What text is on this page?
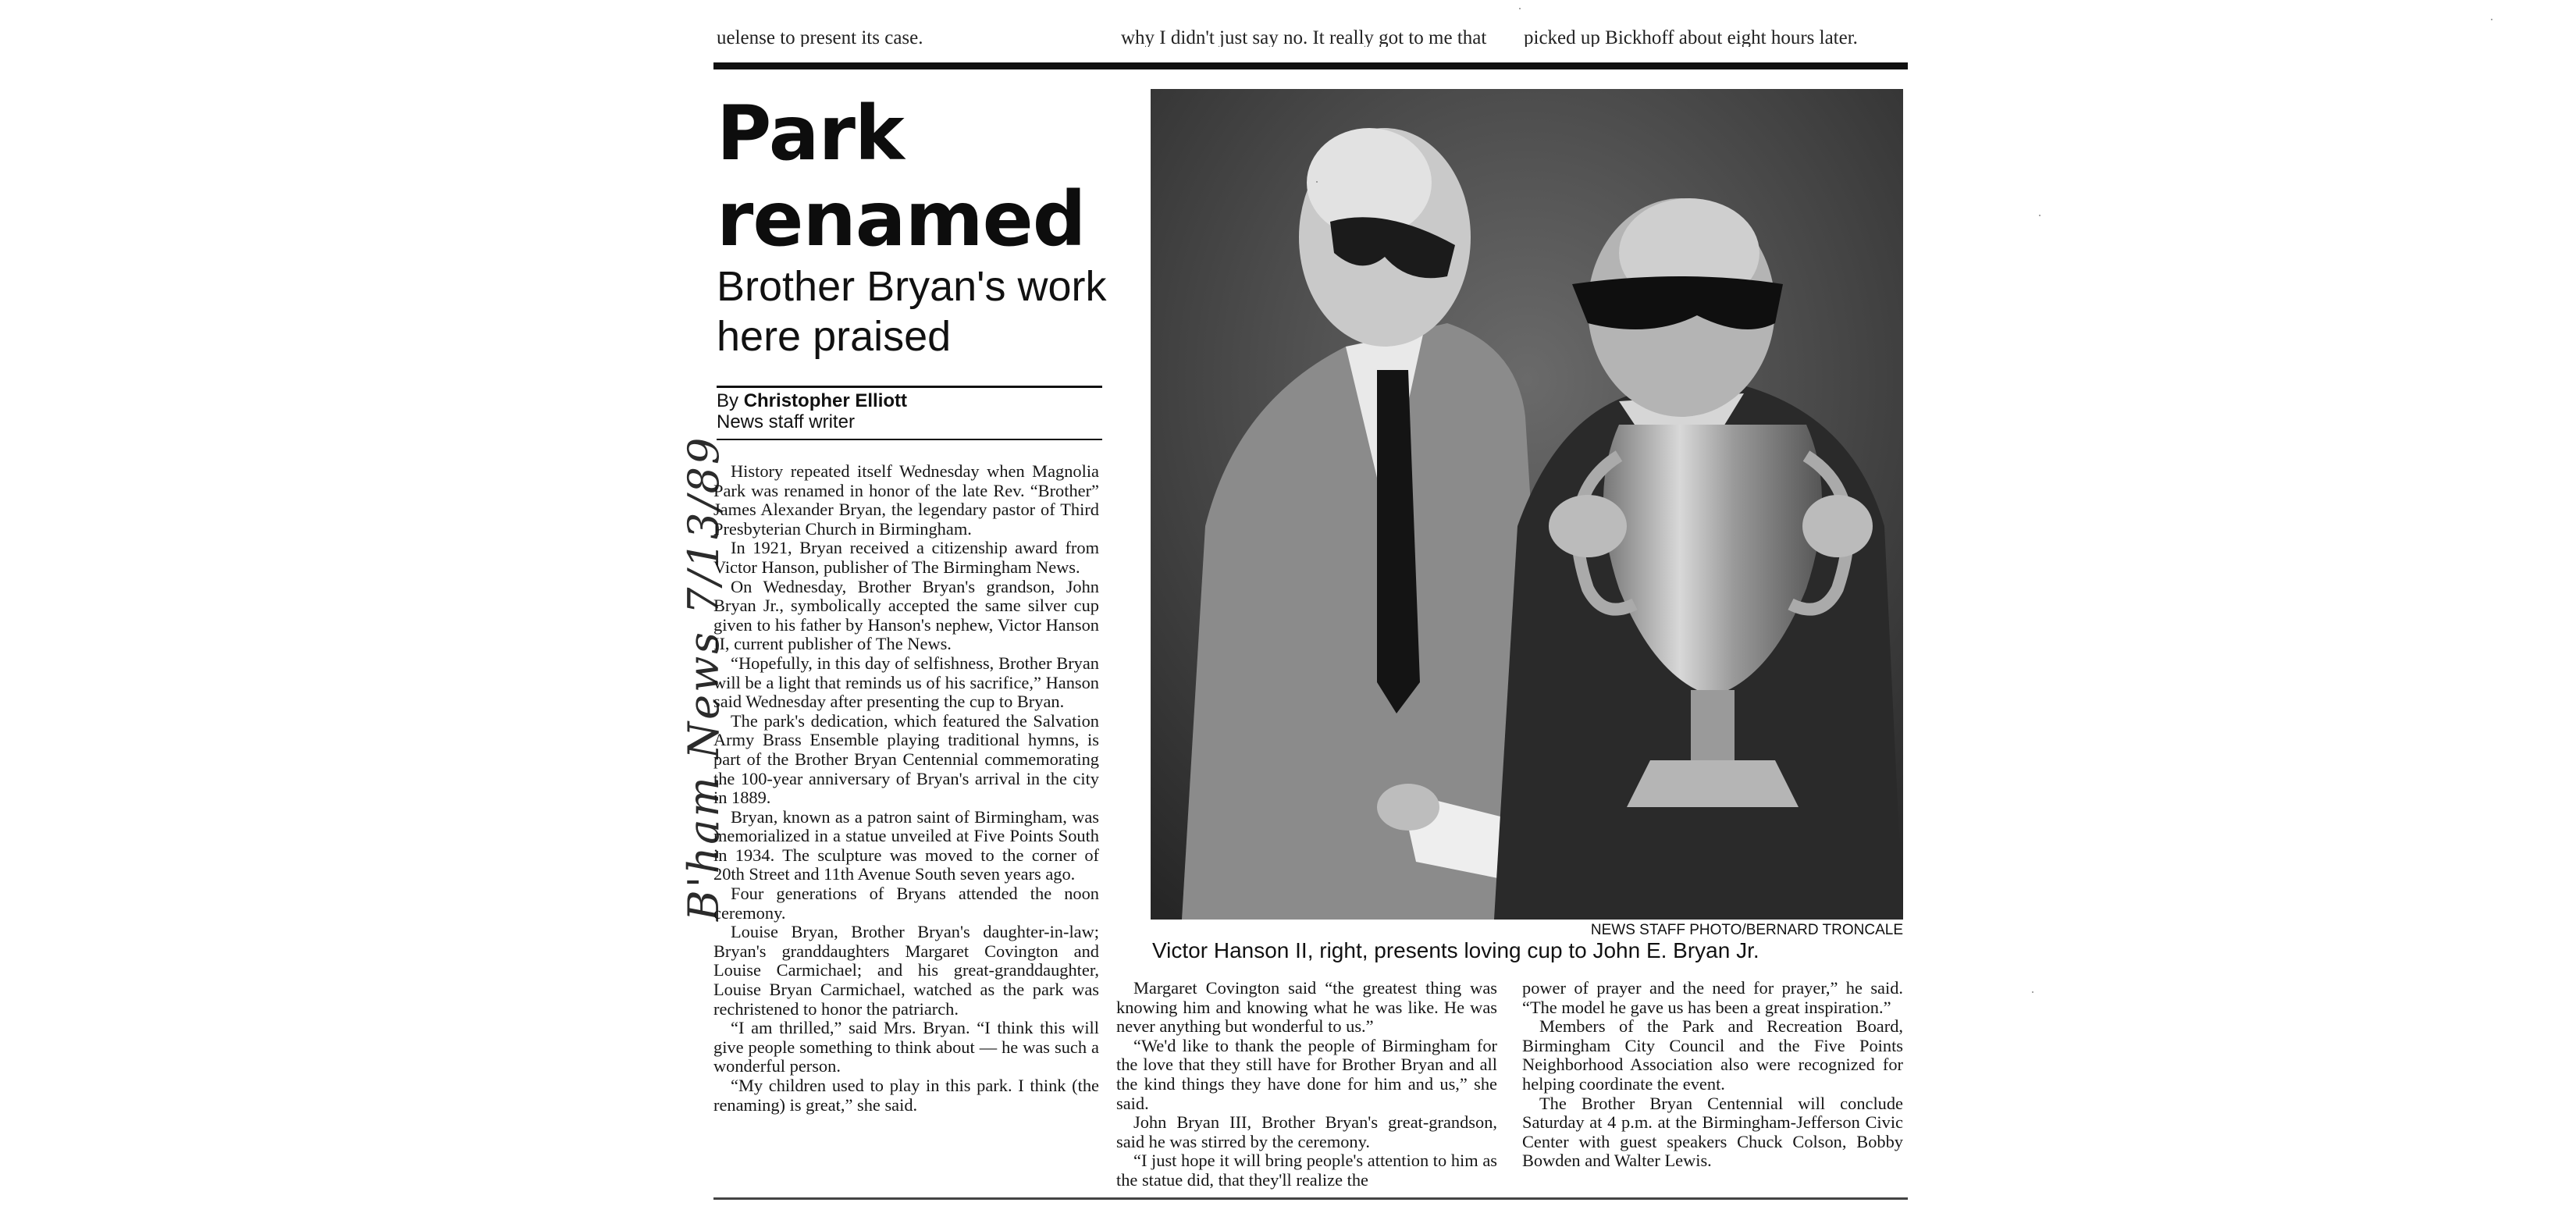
uelense to present its case.	why I didn't just say no. It really got to me that	picked up Bickhoff about eight hours later.
Park renamed
Brother Bryan's work here praised
By Christopher Elliott
News staff writer
B'ham News 7/13/89 History repeated itself Wednesday when Magnolia Park was renamed in honor of the late Rev. “Brother” James Alexander Bryan, the legendary pastor of Third Presbyterian Church in Birmingham.

In 1921, Bryan received a citizenship award from Victor Hanson, publisher of The Birmingham News.

On Wednesday, Brother Bryan's grandson, John Bryan Jr., symbolically accepted the same silver cup given to his father by Hanson's nephew, Victor Hanson II, current publisher of The News.

“Hopefully, in this day of selfishness, Brother Bryan will be a light that reminds us of his sacrifice,” Hanson said Wednesday after presenting the cup to Bryan.

The park's dedication, which featured the Salvation Army Brass Ensemble playing traditional hymns, is part of the Brother Bryan Centennial commemorating the 100-year anniversary of Bryan's arrival in the city in 1889.

Bryan, known as a patron saint of Birmingham, was memorialized in a statue unveiled at Five Points South in 1934. The sculpture was moved to the corner of 20th Street and 11th Avenue South seven years ago.

Four generations of Bryans attended the noon ceremony.

Louise Bryan, Brother Bryan's daughter-in-law; Bryan's granddaughters Margaret Covington and Louise Carmichael; and his great-granddaughter, Louise Bryan Carmichael, watched as the park was rechristened to honor the patriarch.

“I am thrilled,” said Mrs. Bryan. “I think this will give people something to think about — he was such a wonderful person.

“My children used to play in this park. I think (the renaming) is great,” she said.

NEWS STAFF PHOTO/BERNARD TRONCALE
Victor Hanson II, right, presents loving cup to John E. Bryan Jr.

Margaret Covington said “the greatest thing was knowing him and knowing what he was like. He was never anything but wonderful to us.”

“We'd like to thank the people of Birmingham for the love that they still have for Brother Bryan and all the kind things they have done for him and us,” she said.

John Bryan III, Brother Bryan's great-grandson, said he was stirred by the ceremony.

“I just hope it will bring people's attention to him as the statue did, that they'll realize the

power of prayer and the need for prayer,” he said. “The model he gave us has been a great inspiration.”

Members of the Park and Recreation Board, Birmingham City Council and the Five Points Neighborhood Association also were recognized for helping coordinate the event.

The Brother Bryan Centennial will conclude Saturday at 4 p.m. at the Birmingham-Jefferson Civic Center with guest speakers Chuck Colson, Bobby Bowden and Walter Lewis.
